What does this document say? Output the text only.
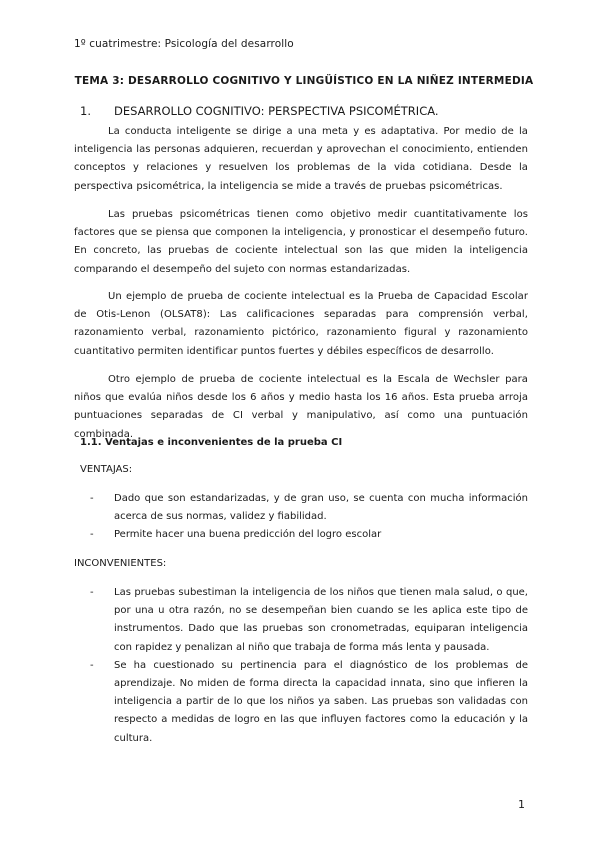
1º cuatrimestre: Psicología del desarrollo
TEMA 3: DESARROLLO COGNITIVO Y LINGÜÍSTICO EN LA NIÑEZ INTERMEDIA
1. DESARROLLO COGNITIVO: PERSPECTIVA PSICOMÉTRICA.

La conducta inteligente se dirige a una meta y es adaptativa. Por medio de la inteligencia las personas adquieren, recuerdan y aprovechan el conocimiento, entienden conceptos y relaciones y resuelven los problemas de la vida cotidiana. Desde la perspectiva psicométrica, la inteligencia se mide a través de pruebas psicométricas.

Las pruebas psicométricas tienen como objetivo medir cuantitativamente los factores que se piensa que componen la inteligencia, y pronosticar el desempeño futuro. En concreto, las pruebas de cociente intelectual son las que miden la inteligencia comparando el desempeño del sujeto con normas estandarizadas.

Un ejemplo de prueba de cociente intelectual es la Prueba de Capacidad Escolar de Otis-Lenon (OLSAT8): Las calificaciones separadas para comprensión verbal, razonamiento verbal, razonamiento pictórico, razonamiento figural y razonamiento cuantitativo permiten identificar puntos fuertes y débiles específicos de desarrollo.

Otro ejemplo de prueba de cociente intelectual es la Escala de Wechsler para niños que evalúa niños desde los 6 años y medio hasta los 16 años. Esta prueba arroja puntuaciones separadas de CI verbal y manipulativo, así como una puntuación combinada.

1.1. Ventajas e inconvenientes de la prueba CI
VENTAJAS:
- Dado que son estandarizadas, y de gran uso, se cuenta con mucha información acerca de sus normas, validez y fiabilidad.
- Permite hacer una buena predicción del logro escolar
INCONVENIENTES:
- Las pruebas subestiman la inteligencia de los niños que tienen mala salud, o que, por una u otra razón, no se desempeñan bien cuando se les aplica este tipo de instrumentos. Dado que las pruebas son cronometradas, equiparan inteligencia con rapidez y penalizan al niño que trabaja de forma más lenta y pausada.
- Se ha cuestionado su pertinencia para el diagnóstico de los problemas de aprendizaje. No miden de forma directa la capacidad innata, sino que infieren la inteligencia a partir de lo que los niños ya saben. Las pruebas son validadas con respecto a medidas de logro en las que influyen factores como la educación y la cultura.
1
